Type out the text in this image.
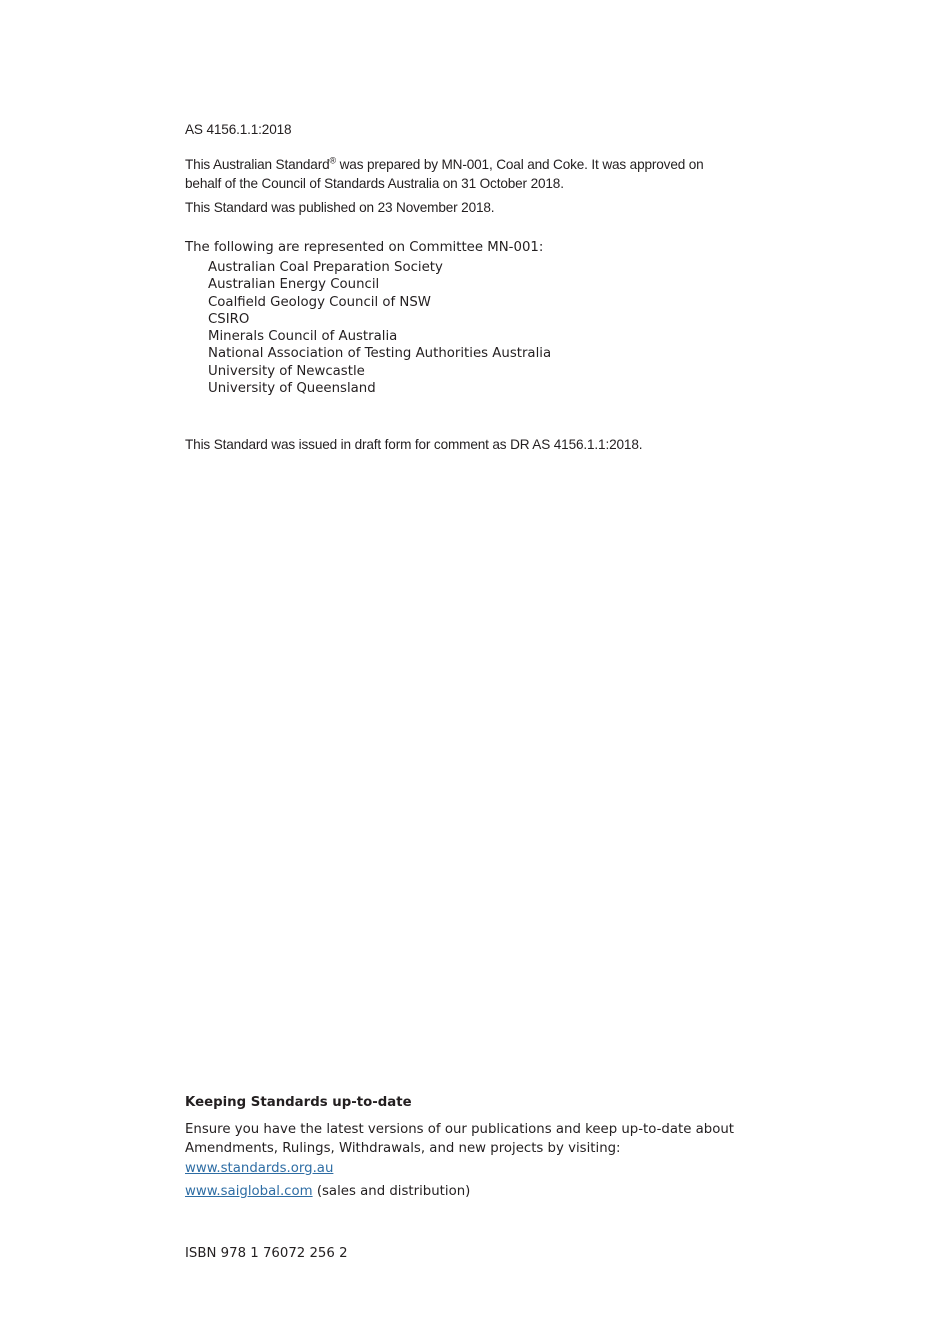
AS 4156.1.1:2018
This Australian Standard® was prepared by MN-001, Coal and Coke. It was approved on
behalf of the Council of Standards Australia on 31 October 2018.
This Standard was published on 23 November 2018.
The following are represented on Committee MN-001:
Australian Coal Preparation Society
Australian Energy Council
Coalfield Geology Council of NSW
CSIRO
Minerals Council of Australia
National Association of Testing Authorities Australia
University of Newcastle
University of Queensland
This Standard was issued in draft form for comment as DR AS 4156.1.1:2018.
Keeping Standards up-to-date
Ensure you have the latest versions of our publications and keep up-to-date about
Amendments, Rulings, Withdrawals, and new projects by visiting:
www.standards.org.au
www.saiglobal.com (sales and distribution)
ISBN 978 1 76072 256 2
